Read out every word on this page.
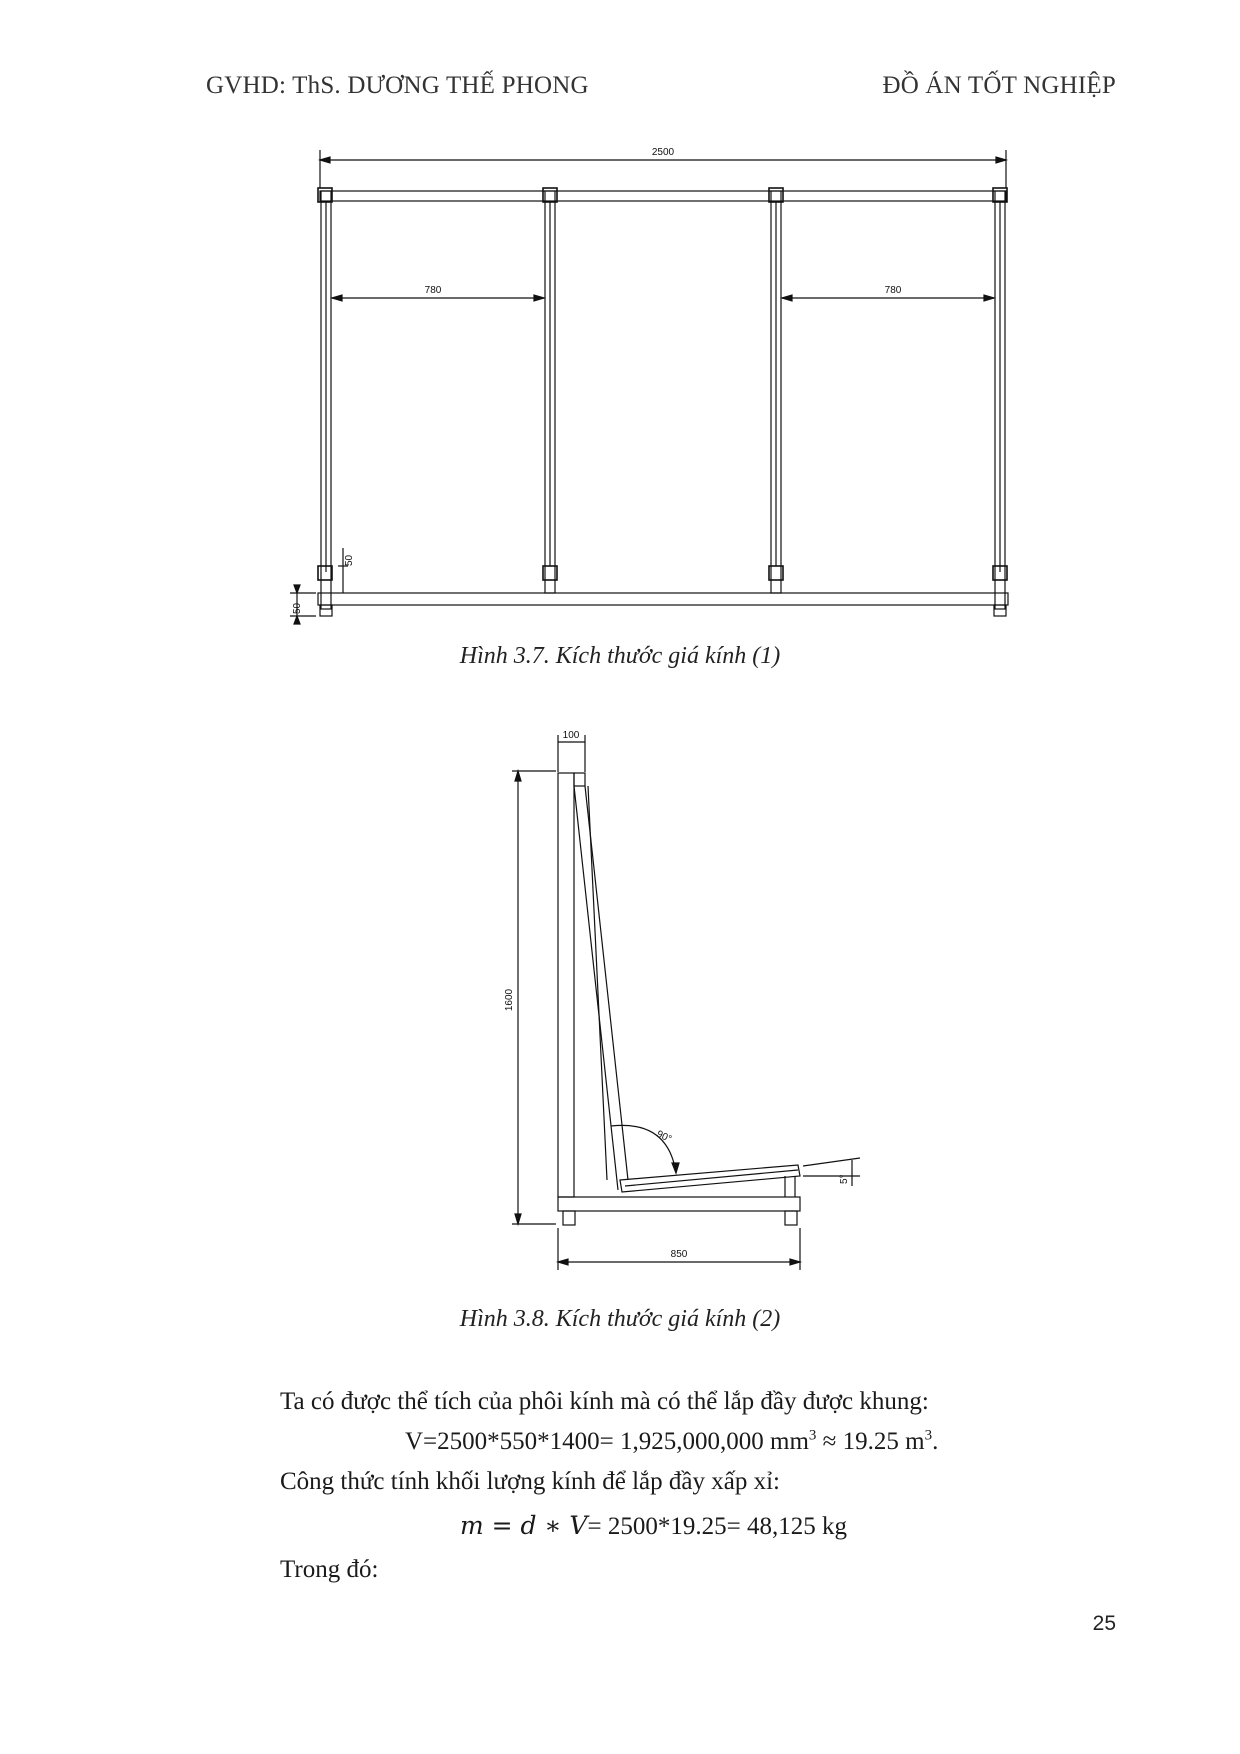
GVHD: ThS. DƯƠNG THẾ PHONG	ĐỒ ÁN TỐT NGHIỆP
2500
780	780
50
50
Hình 3.7. Kích thước giá kính (1)
100
1600
90°
5°
850
Hình 3.8. Kích thước giá kính (2)
Ta có được thể tích của phôi kính mà có thể lắp đầy được khung:
V=2500*550*1400= 1,925,000,000 $mm^3 \approx 19.25$ $m^3$.
Công thức tính khối lượng kính để lắp đầy xấp xỉ:
m = d ∗ V= 2500*19.25= 48,125 kg
Trong đó:
25
